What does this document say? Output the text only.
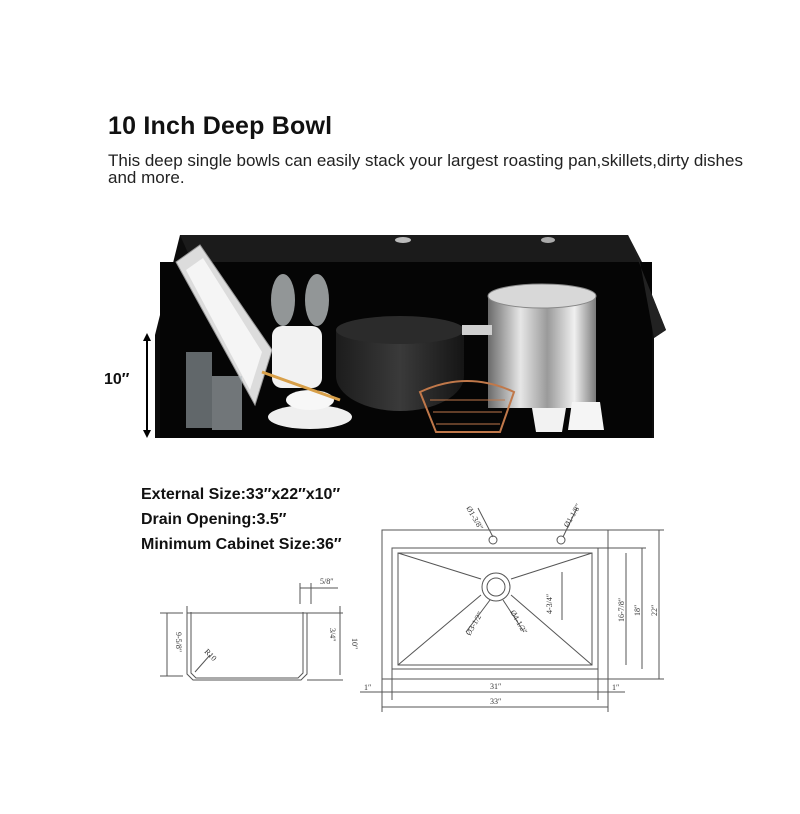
10 Inch Deep Bowl
This deep single bowls can easily stack your largest roasting pan,skillets,dirty dishes and more.
10″
External Size:33″x22″x10″
Drain Opening:3.5″
Minimum Cabinet Size:36″
5/8″
3/4″
9-5/8″
R10
10″
Ø1-3/8″	Ø1-1/8″
Ø3-1/2″	Ø4-1/2″
4-3/4″	16-7/8″ 18″ 22″
1″	31″	1″
33″
